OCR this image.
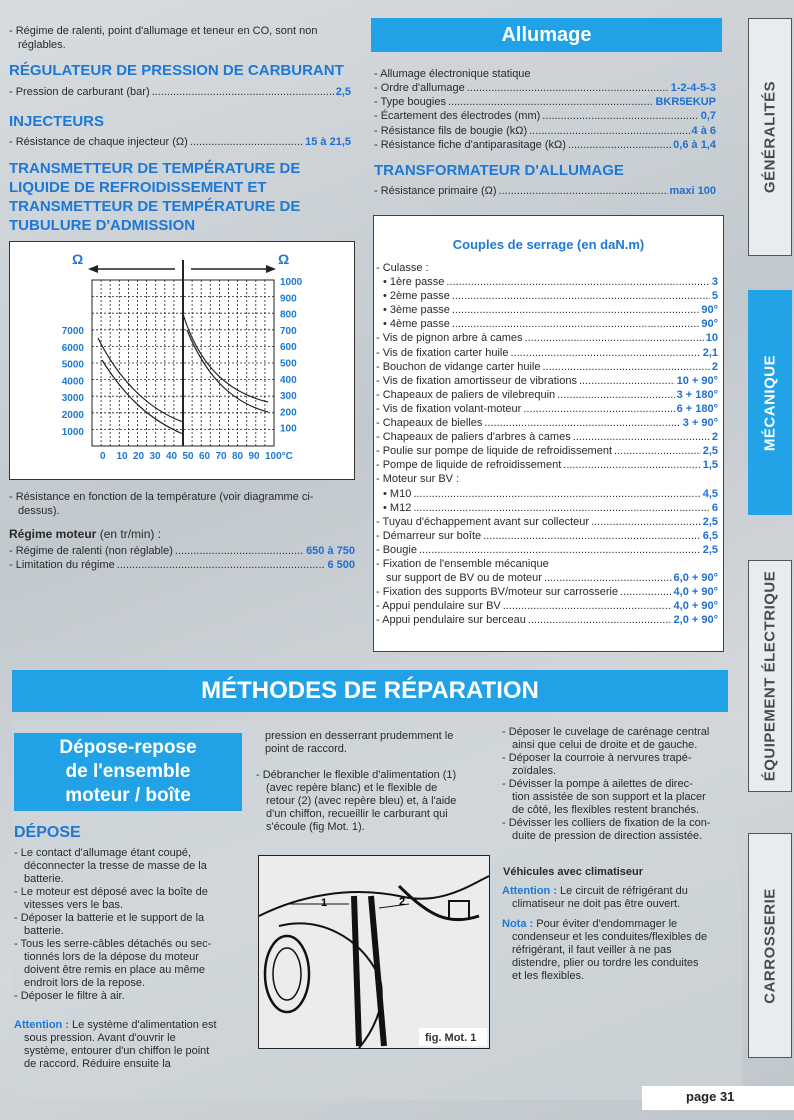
- Régime de ralenti, point d'allumage et teneur en CO, sont non
réglables.
RÉGULATEUR DE PRESSION DE CARBURANT
- Pression de carburant (bar) .....	2,5
INJECTEURS
- Résistance de chaque injecteur (Ω) .....	15 à 21,5
TRANSMETTEUR DE TEMPÉRATURE DE
LIQUIDE DE REFROIDISSEMENT ET
TRANSMETTEUR DE TEMPÉRATURE DE
TUBULURE D'ADMISSION
Ω	Ω
7000
6000
5000
4000
3000
2000
1000
1000
900
800
700
600
500
400
300
200
100
0 10 20 30 40 50 60 70 80 90 100°C
- Résistance en fonction de la température (voir diagramme ci-
dessus).
Régime moteur (en tr/min) :
- Régime de ralenti (non réglable) .....	650 à 750
- Limitation du régime .....	6 500
Allumage
- Allumage électronique statique
TRANSFORMATEUR D'ALLUMAGE
- Résistance primaire (Ω) .....	maxi 100
Couples de serrage (en daN.m)
- Culasse :
MÉTHODES DE RÉPARATION
Dépose-repose
de l'ensemble
moteur / boîte
DÉPOSE
- Le contact d'allumage étant coupé,
déconnecter la tresse de masse de la
batterie.
- Le moteur est déposé avec la boîte de
vitesses vers le bas.
- Déposer la batterie et le support de la
batterie.
- Tous les serre-câbles détachés ou sec-
tionnés lors de la dépose du moteur
doivent être remis en place au même
endroit lors de la repose.
- Déposer le filtre à air.
Attention : Le système d'alimentation est
sous pression. Avant d'ouvrir le
système, entourer d'un chiffon le point
de raccord. Réduire ensuite la
pression en desserrant prudemment le
point de raccord.
- Débrancher le flexible d'alimentation (1)
(avec repère blanc) et le flexible de
retour (2) (avec repère bleu) et, à l'aide
d'un chiffon, recueillir le carburant qui
s'écoule (fig Mot. 1).
1	2
fig. Mot. 1
- Déposer le cuvelage de carénage central
ainsi que celui de droite et de gauche.
- Déposer la courroie à nervures trapé-
zoïdales.
- Dévisser la pompe à ailettes de direc-
tion assistée de son support et la placer
de côté, les flexibles restent branchés.
- Dévisser les colliers de fixation de la con-
duite de pression de direction assistée.
Véhicules avec climatiseur
Attention : Le circuit de réfrigérant du
climatiseur ne doit pas être ouvert.
Nota : Pour éviter d'endommager le
condenseur et les conduites/flexibles de
réfrigérant, il faut veiller à ne pas
distendre, plier ou tordre les conduites
et les flexibles.
GÉNÉRALITÉS
MÉCANIQUE
ÉQUIPEMENT ÉLECTRIQUE
CARROSSERIE
page 31
- Ordre d'allumage .....	1-2-4-5-3
- Type bougies .....	BKR5EKUP
- Écartement des électrodes (mm) .....	0,7
- Résistance fils de bougie (kΩ) .....	4 à 6
- Résistance fiche d'antiparasitage (kΩ) .....	0,6 à 1,4
• 1ère passe .....	3
• 2ème passe .....	5
• 3ème passe .....	90°
• 4ème passe .....	90°
- Vis de pignon arbre à cames .....	10
- Vis de fixation carter huile .....	2,1
- Bouchon de vidange carter huile .....	2
- Vis de fixation amortisseur de vibrations .....	10 + 90°
- Chapeaux de paliers de vilebrequin .....	3 + 180°
- Vis de fixation volant-moteur .....	6 + 180°
- Chapeaux de bielles .....	3 + 90°
- Chapeaux de paliers d'arbres à cames .....	2
- Poulie sur pompe de liquide de refroidissement .....	2,5
- Pompe de liquide de refroidissement .....	1,5
- Moteur sur BV :
• M10 .....	4,5
• M12 .....	6
- Tuyau d'échappement avant sur collecteur .....	2,5
- Démarreur sur boîte .....	6,5
- Bougie .....	2,5
- Fixation de l'ensemble mécanique
sur support de BV ou de moteur .....	6,0 + 90°
- Fixation des supports BV/moteur sur carrosserie .....	4,0 + 90°
- Appui pendulaire sur BV .....	4,0 + 90°
- Appui pendulaire sur berceau .....	2,0 + 90°
